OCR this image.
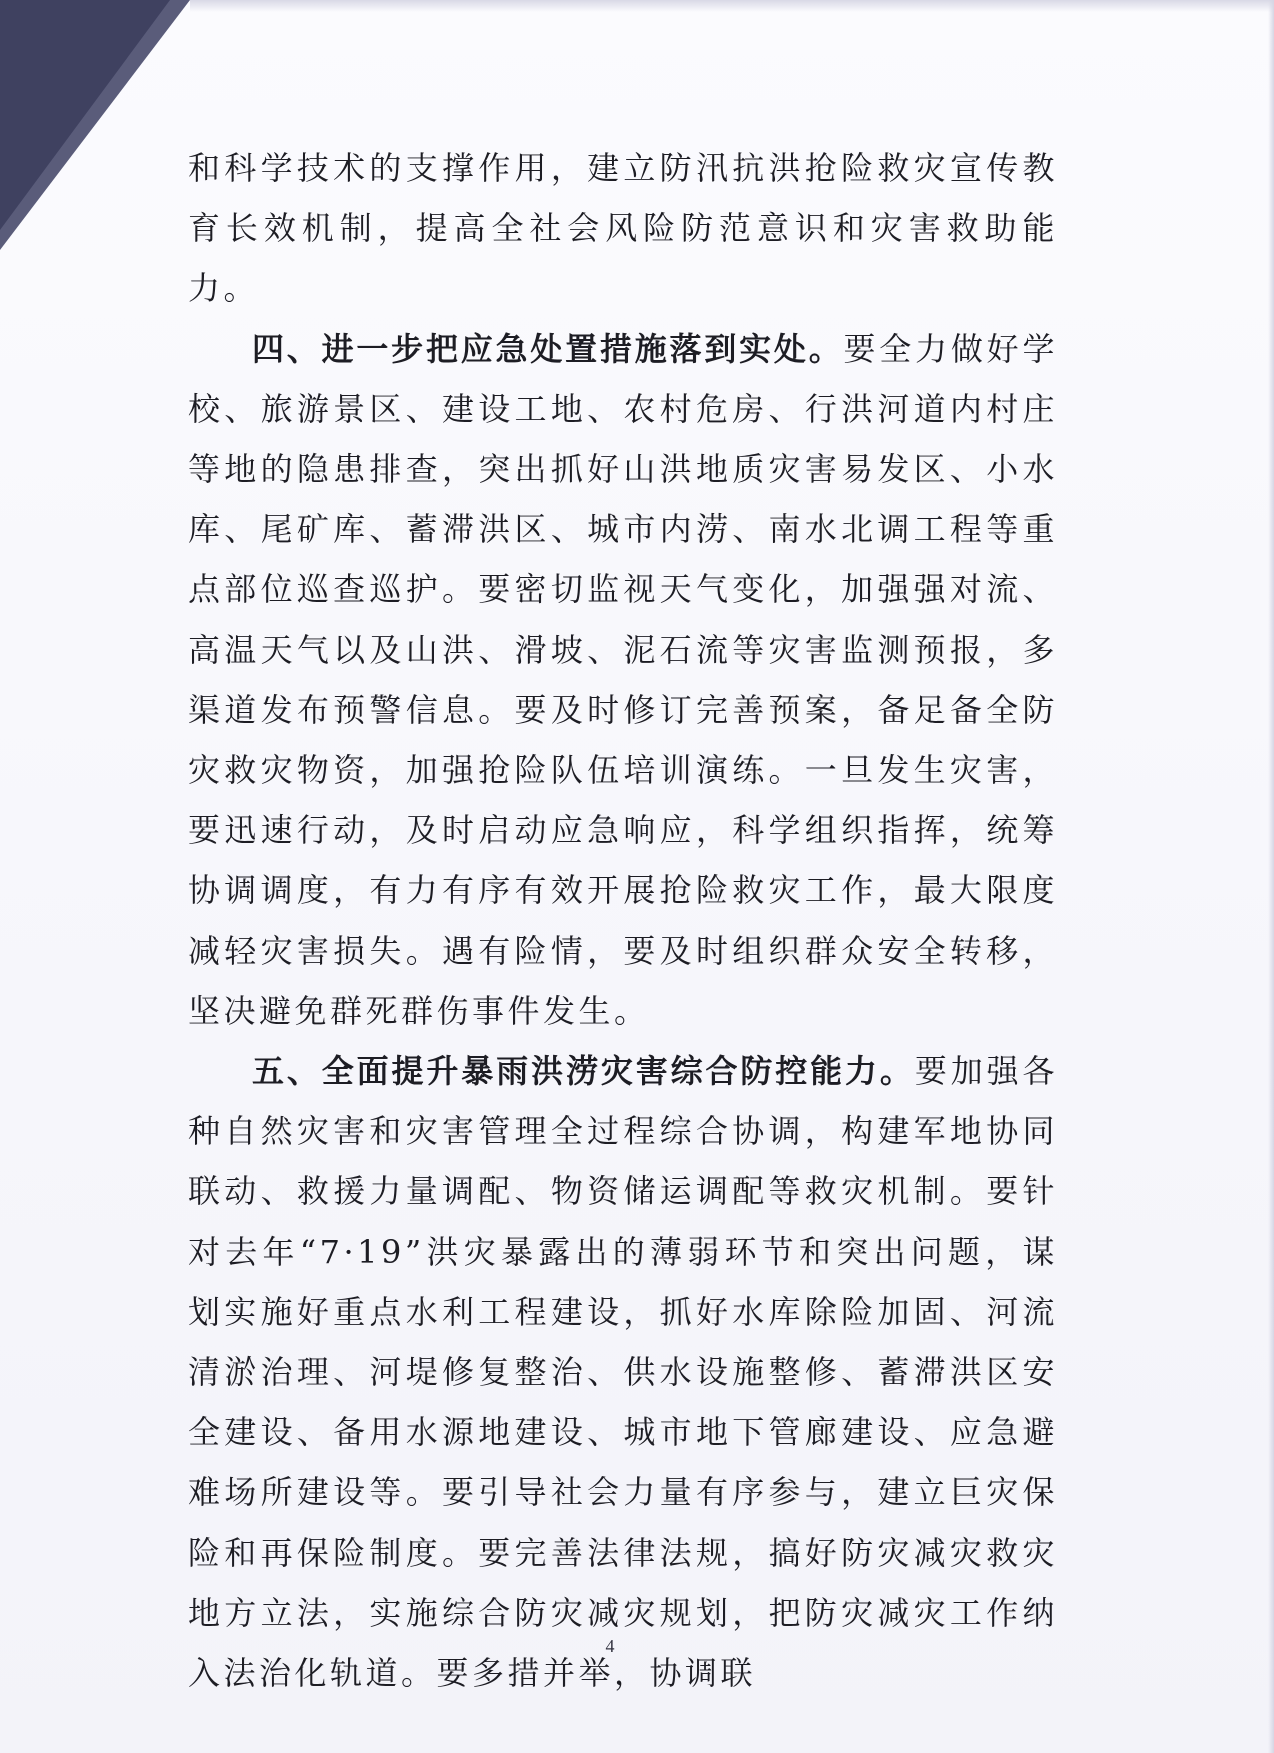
和科学技术的支撑作用，建立防汛抗洪抢险救灾宣传教育长效机制，提高全社会风险防范意识和灾害救助能力。

四、进一步把应急处置措施落到实处。要全力做好学校、旅游景区、建设工地、农村危房、行洪河道内村庄等地的隐患排查，突出抓好山洪地质灾害易发区、小水库、尾矿库、蓄滞洪区、城市内涝、南水北调工程等重点部位巡查巡护。要密切监视天气变化，加强强对流、高温天气以及山洪、滑坡、泥石流等灾害监测预报，多渠道发布预警信息。要及时修订完善预案，备足备全防灾救灾物资，加强抢险队伍培训演练。一旦发生灾害，要迅速行动，及时启动应急响应，科学组织指挥，统筹协调调度，有力有序有效开展抢险救灾工作，最大限度减轻灾害损失。遇有险情，要及时组织群众安全转移，坚决避免群死群伤事件发生。

五、全面提升暴雨洪涝灾害综合防控能力。要加强各种自然灾害和灾害管理全过程综合协调，构建军地协同联动、救援力量调配、物资储运调配等救灾机制。要针对去年“7·19”洪灾暴露出的薄弱环节和突出问题，谋划实施好重点水利工程建设，抓好水库除险加固、河流清淤治理、河堤修复整治、供水设施整修、蓄滞洪区安全建设、备用水源地建设、城市地下管廊建设、应急避难场所建设等。要引导社会力量有序参与，建立巨灾保险和再保险制度。要完善法律法规，搞好防灾减灾救灾地方立法，实施综合防灾减灾规划，把防灾减灾工作纳入法治化轨道。要多措并举，协调联

4
